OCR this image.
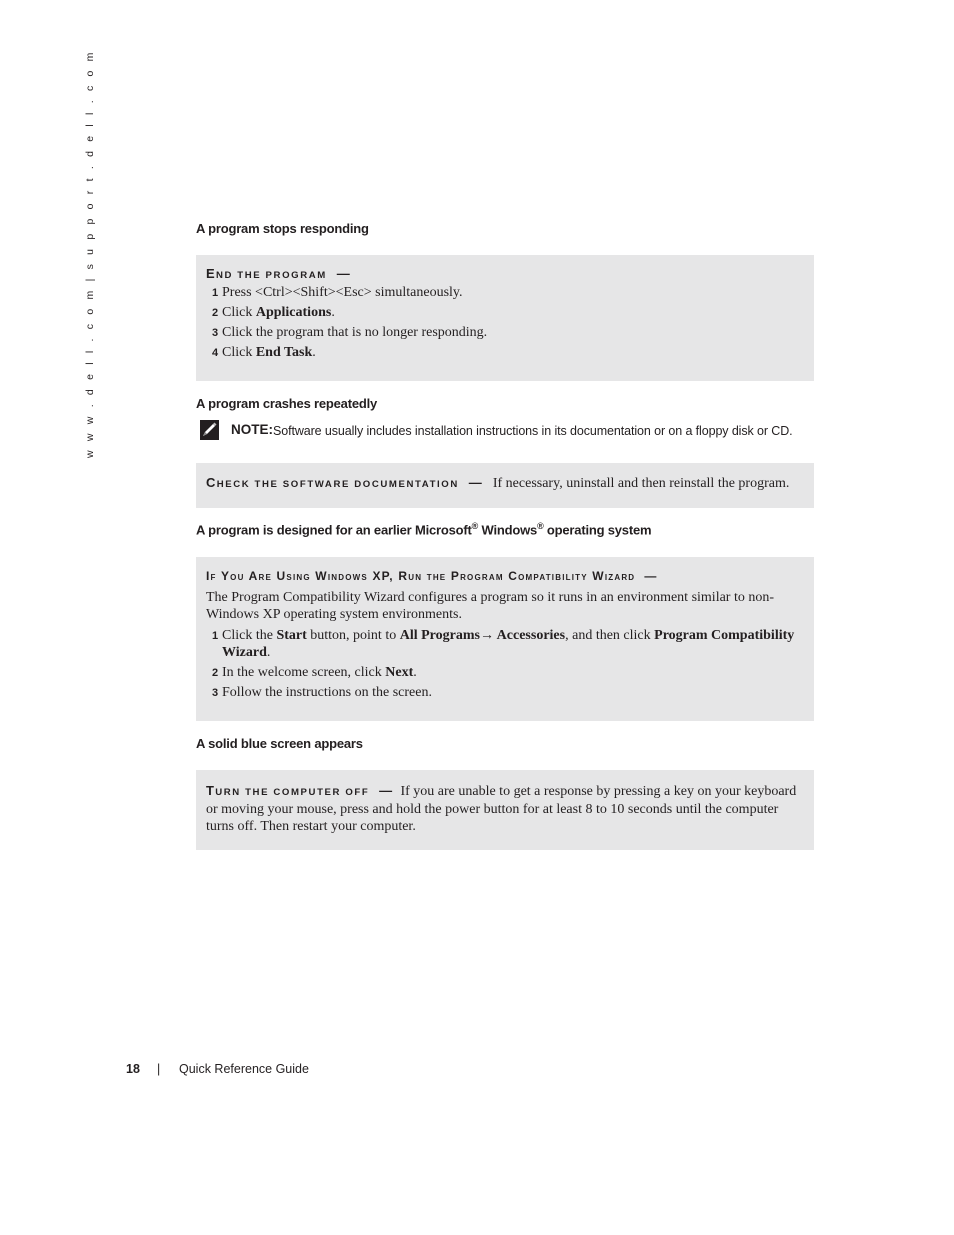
w w w . d e l l . c o m | s u p p o r t . d e l l . c o m	A program stops responding
END THE PROGRAM —
1 Press <Ctrl><Shift><Esc> simultaneously.
2 Click Applications.
3 Click the program that is no longer responding.
4 Click End Task.
A program crashes repeatedly
NOTE: Software usually includes installation instructions in its documentation or on a floppy disk or CD.
CHECK THE SOFTWARE DOCUMENTATION — If necessary, uninstall and then reinstall the program.
A program is designed for an earlier Microsoft® Windows® operating system
If You Are Using Windows XP, Run the Program Compatibility Wizard —
The Program Compatibility Wizard configures a program so it runs in an environment similar to non-Windows XP operating system environments.
1 Click the Start button, point to All Programs→ Accessories, and then click Program Compatibility Wizard.
2 In the welcome screen, click Next.
3 Follow the instructions on the screen.
A solid blue screen appears
TURN THE COMPUTER OFF — If you are unable to get a response by pressing a key on your keyboard or moving your mouse, press and hold the power button for at least 8 to 10 seconds until the computer turns off. Then restart your computer.
18 | Quick Reference Guide
